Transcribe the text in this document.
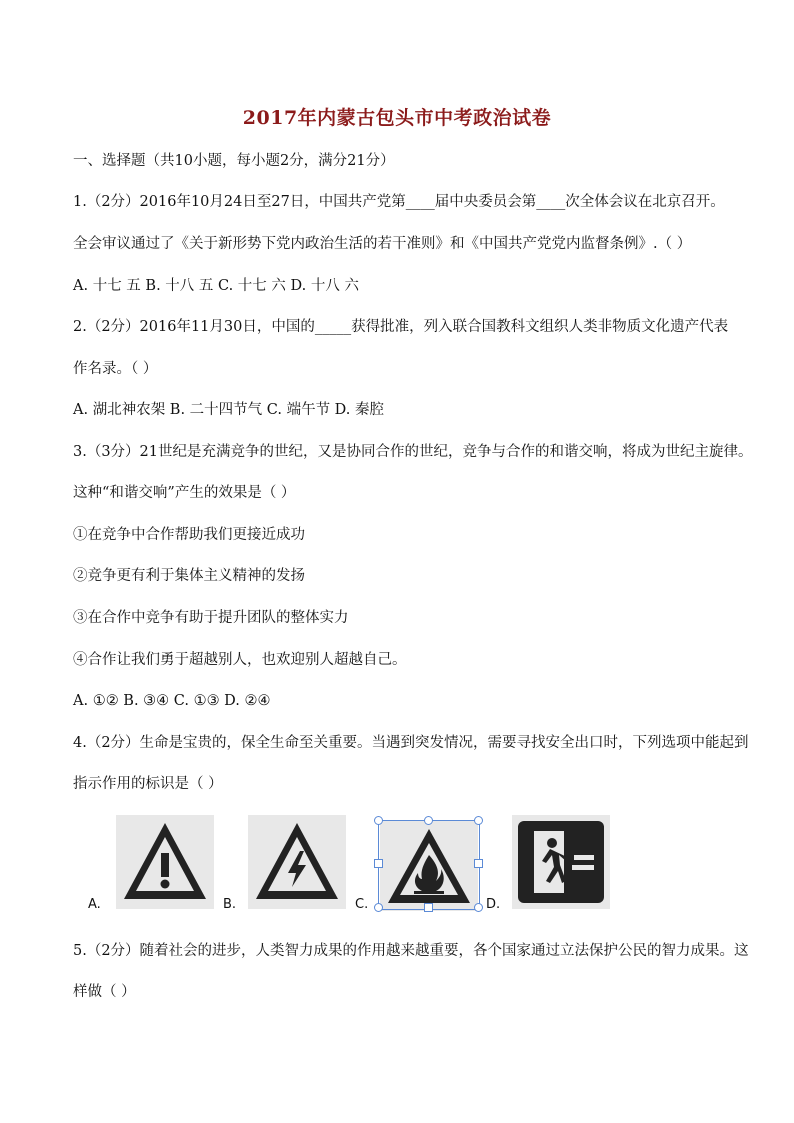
2017年内蒙古包头市中考政治试卷
一、选择题（共10小题，每小题2分，满分21分）
1.（2分）2016年10月24日至27日，中国共产党第____届中央委员会第____次全体会议在北京召开。
全会审议通过了《关于新形势下党内政治生活的若干准则》和《中国共产党党内监督条例》.（ ）
A. 十七 五 B. 十八 五 C. 十七 六 D. 十八 六
2.（2分）2016年11月30日，中国的_____获得批准，列入联合国教科文组织人类非物质文化遗产代表
作名录。（ ）
A. 湖北神农架 B. 二十四节气 C. 端午节 D. 秦腔
3.（3分）21世纪是充满竞争的世纪，又是协同合作的世纪，竞争与合作的和谐交响，将成为世纪主旋律。
这种“和谐交响”产生的效果是（ ）
①在竞争中合作帮助我们更接近成功
②竞争更有利于集体主义精神的发扬
③在合作中竞争有助于提升团队的整体实力
④合作让我们勇于超越别人，也欢迎别人超越自己。
A. ①② B. ③④ C. ①③ D. ②④
4.（2分）生命是宝贵的，保全生命至关重要。当遇到突发情况，需要寻找安全出口时，下列选项中能起到
指示作用的标识是（ ）
A.	B.	C.	D.
5.（2分）随着社会的进步，人类智力成果的作用越来越重要，各个国家通过立法保护公民的智力成果。这
样做（ ）
